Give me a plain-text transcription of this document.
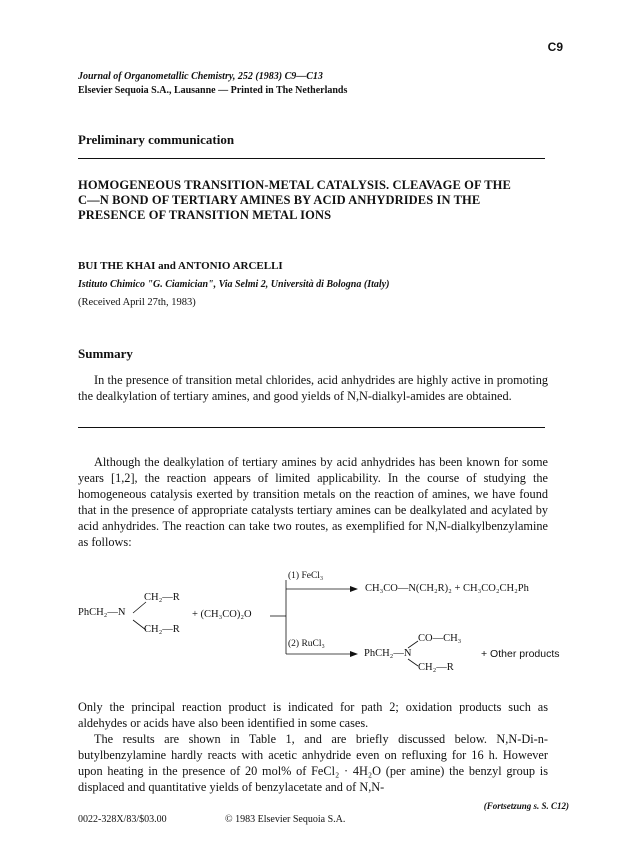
C9
Journal of Organometallic Chemistry, 252 (1983) C9—C13
Elsevier Sequoia S.A., Lausanne — Printed in The Netherlands
Preliminary communication
HOMOGENEOUS TRANSITION-METAL CATALYSIS. CLEAVAGE OF THE
C—N BOND OF TERTIARY AMINES BY ACID ANHYDRIDES IN THE
PRESENCE OF TRANSITION METAL IONS
BUI THE KHAI and ANTONIO ARCELLI
Istituto Chimico "G. Ciamician", Via Selmi 2, Università di Bologna (Italy)
(Received April 27th, 1983)
Summary

In the presence of transition metal chlorides, acid anhydrides are highly active in promoting the dealkylation of tertiary amines, and good yields of N,N-dialkyl-amides are obtained.

Although the dealkylation of tertiary amines by acid anhydrides has been known for some years [1,2], the reaction appears of limited applicability. In the course of studying the homogeneous catalysis exerted by transition metals on the reaction of amines, we have found that in the presence of appropriate catalysts tertiary amines can be dealkylated and acylated by acid anhydrides. The reaction can take two routes, as exemplified for N,N-dialkylbenzylamine as follows:

PhCH₂—N
CH₂—R
CH₂—R
+ (CH₃CO)₂O
(1) FeCl₃
CH₃CO—N(CH₂R)₂ + CH₃CO₂CH₂Ph
(2) RuCl₃
PhCH₂—N
CO—CH₃
CH₂—R
+ Other products

Only the principal reaction product is indicated for path 2; oxidation products such as aldehydes or acids have also been identified in some cases.

The results are shown in Table 1, and are briefly discussed below. N,N-Di-n-butylbenzylamine hardly reacts with acetic anhydride even on refluxing for 16 h. However upon heating in the presence of 20 mol% of FeCl₂ · 4H₂O (per amine) the benzyl group is displaced and quantitative yields of benzylacetate and of N,N-

(Fortsetzung s. S. C12)
0022-328X/83/$03.00	© 1983 Elsevier Sequoia S.A.
